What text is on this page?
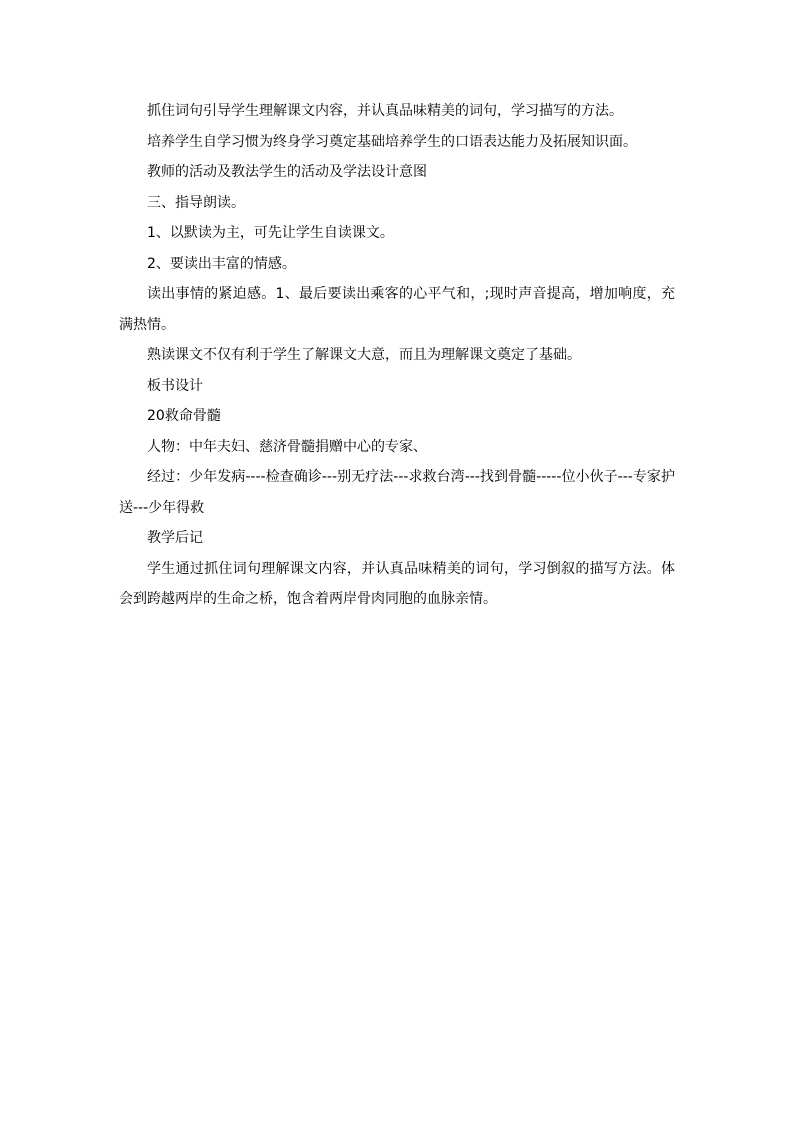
抓住词句引导学生理解课文内容，并认真品味精美的词句，学习描写的方法。

培养学生自学习惯为终身学习奠定基础培养学生的口语表达能力及拓展知识面。

教师的活动及教法学生的活动及学法设计意图

三、指导朗读。

1、以默读为主，可先让学生自读课文。

2、要读出丰富的情感。

读出事情的紧迫感。1、最后要读出乘客的心平气和，;现时声音提高，增加响度，充满热情。

熟读课文不仅有利于学生了解课文大意，而且为理解课文奠定了基础。

板书设计

20救命骨髓

人物：中年夫妇、慈济骨髓捐赠中心的专家、

经过：少年发病----检查确诊---别无疗法---求救台湾---找到骨髓-----位小伙子---专家护送---少年得救

教学后记

学生通过抓住词句理解课文内容，并认真品味精美的词句，学习倒叙的描写方法。体会到跨越两岸的生命之桥，饱含着两岸骨肉同胞的血脉亲情。
